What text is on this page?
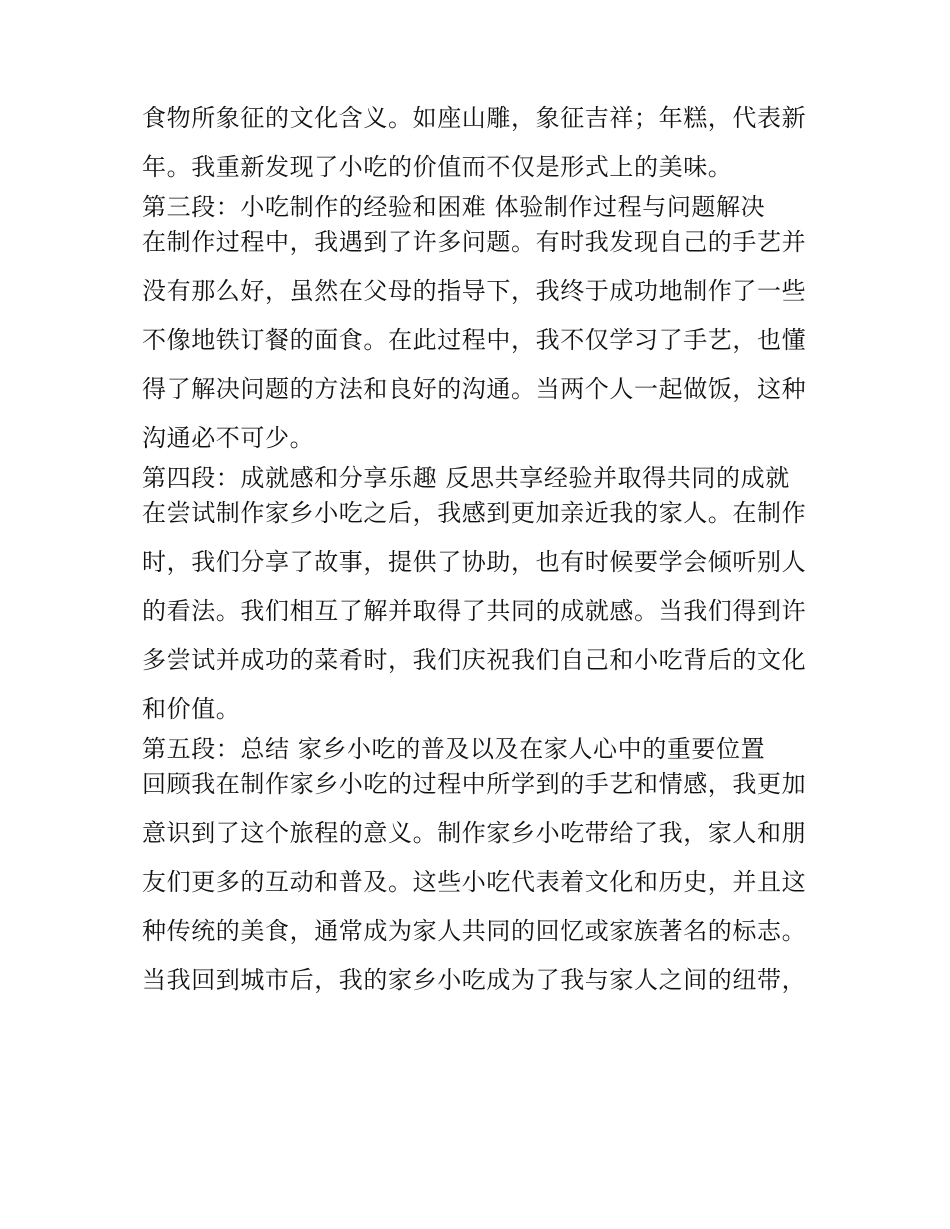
食物所象征的文化含义。如座山雕，象征吉祥；年糕，代表新
年。我重新发现了小吃的价值而不仅是形式上的美味。
第三段：小吃制作的经验和困难 体验制作过程与问题解决
在制作过程中，我遇到了许多问题。有时我发现自己的手艺并
没有那么好，虽然在父母的指导下，我终于成功地制作了一些
不像地铁订餐的面食。在此过程中，我不仅学习了手艺，也懂
得了解决问题的方法和良好的沟通。当两个人一起做饭，这种
沟通必不可少。
第四段：成就感和分享乐趣 反思共享经验并取得共同的成就
在尝试制作家乡小吃之后，我感到更加亲近我的家人。在制作
时，我们分享了故事，提供了协助，也有时候要学会倾听别人
的看法。我们相互了解并取得了共同的成就感。当我们得到许
多尝试并成功的菜肴时，我们庆祝我们自己和小吃背后的文化
和价值。
第五段：总结 家乡小吃的普及以及在家人心中的重要位置
回顾我在制作家乡小吃的过程中所学到的手艺和情感，我更加
意识到了这个旅程的意义。制作家乡小吃带给了我，家人和朋
友们更多的互动和普及。这些小吃代表着文化和历史，并且这
种传统的美食，通常成为家人共同的回忆或家族著名的标志。
当我回到城市后，我的家乡小吃成为了我与家人之间的纽带，
